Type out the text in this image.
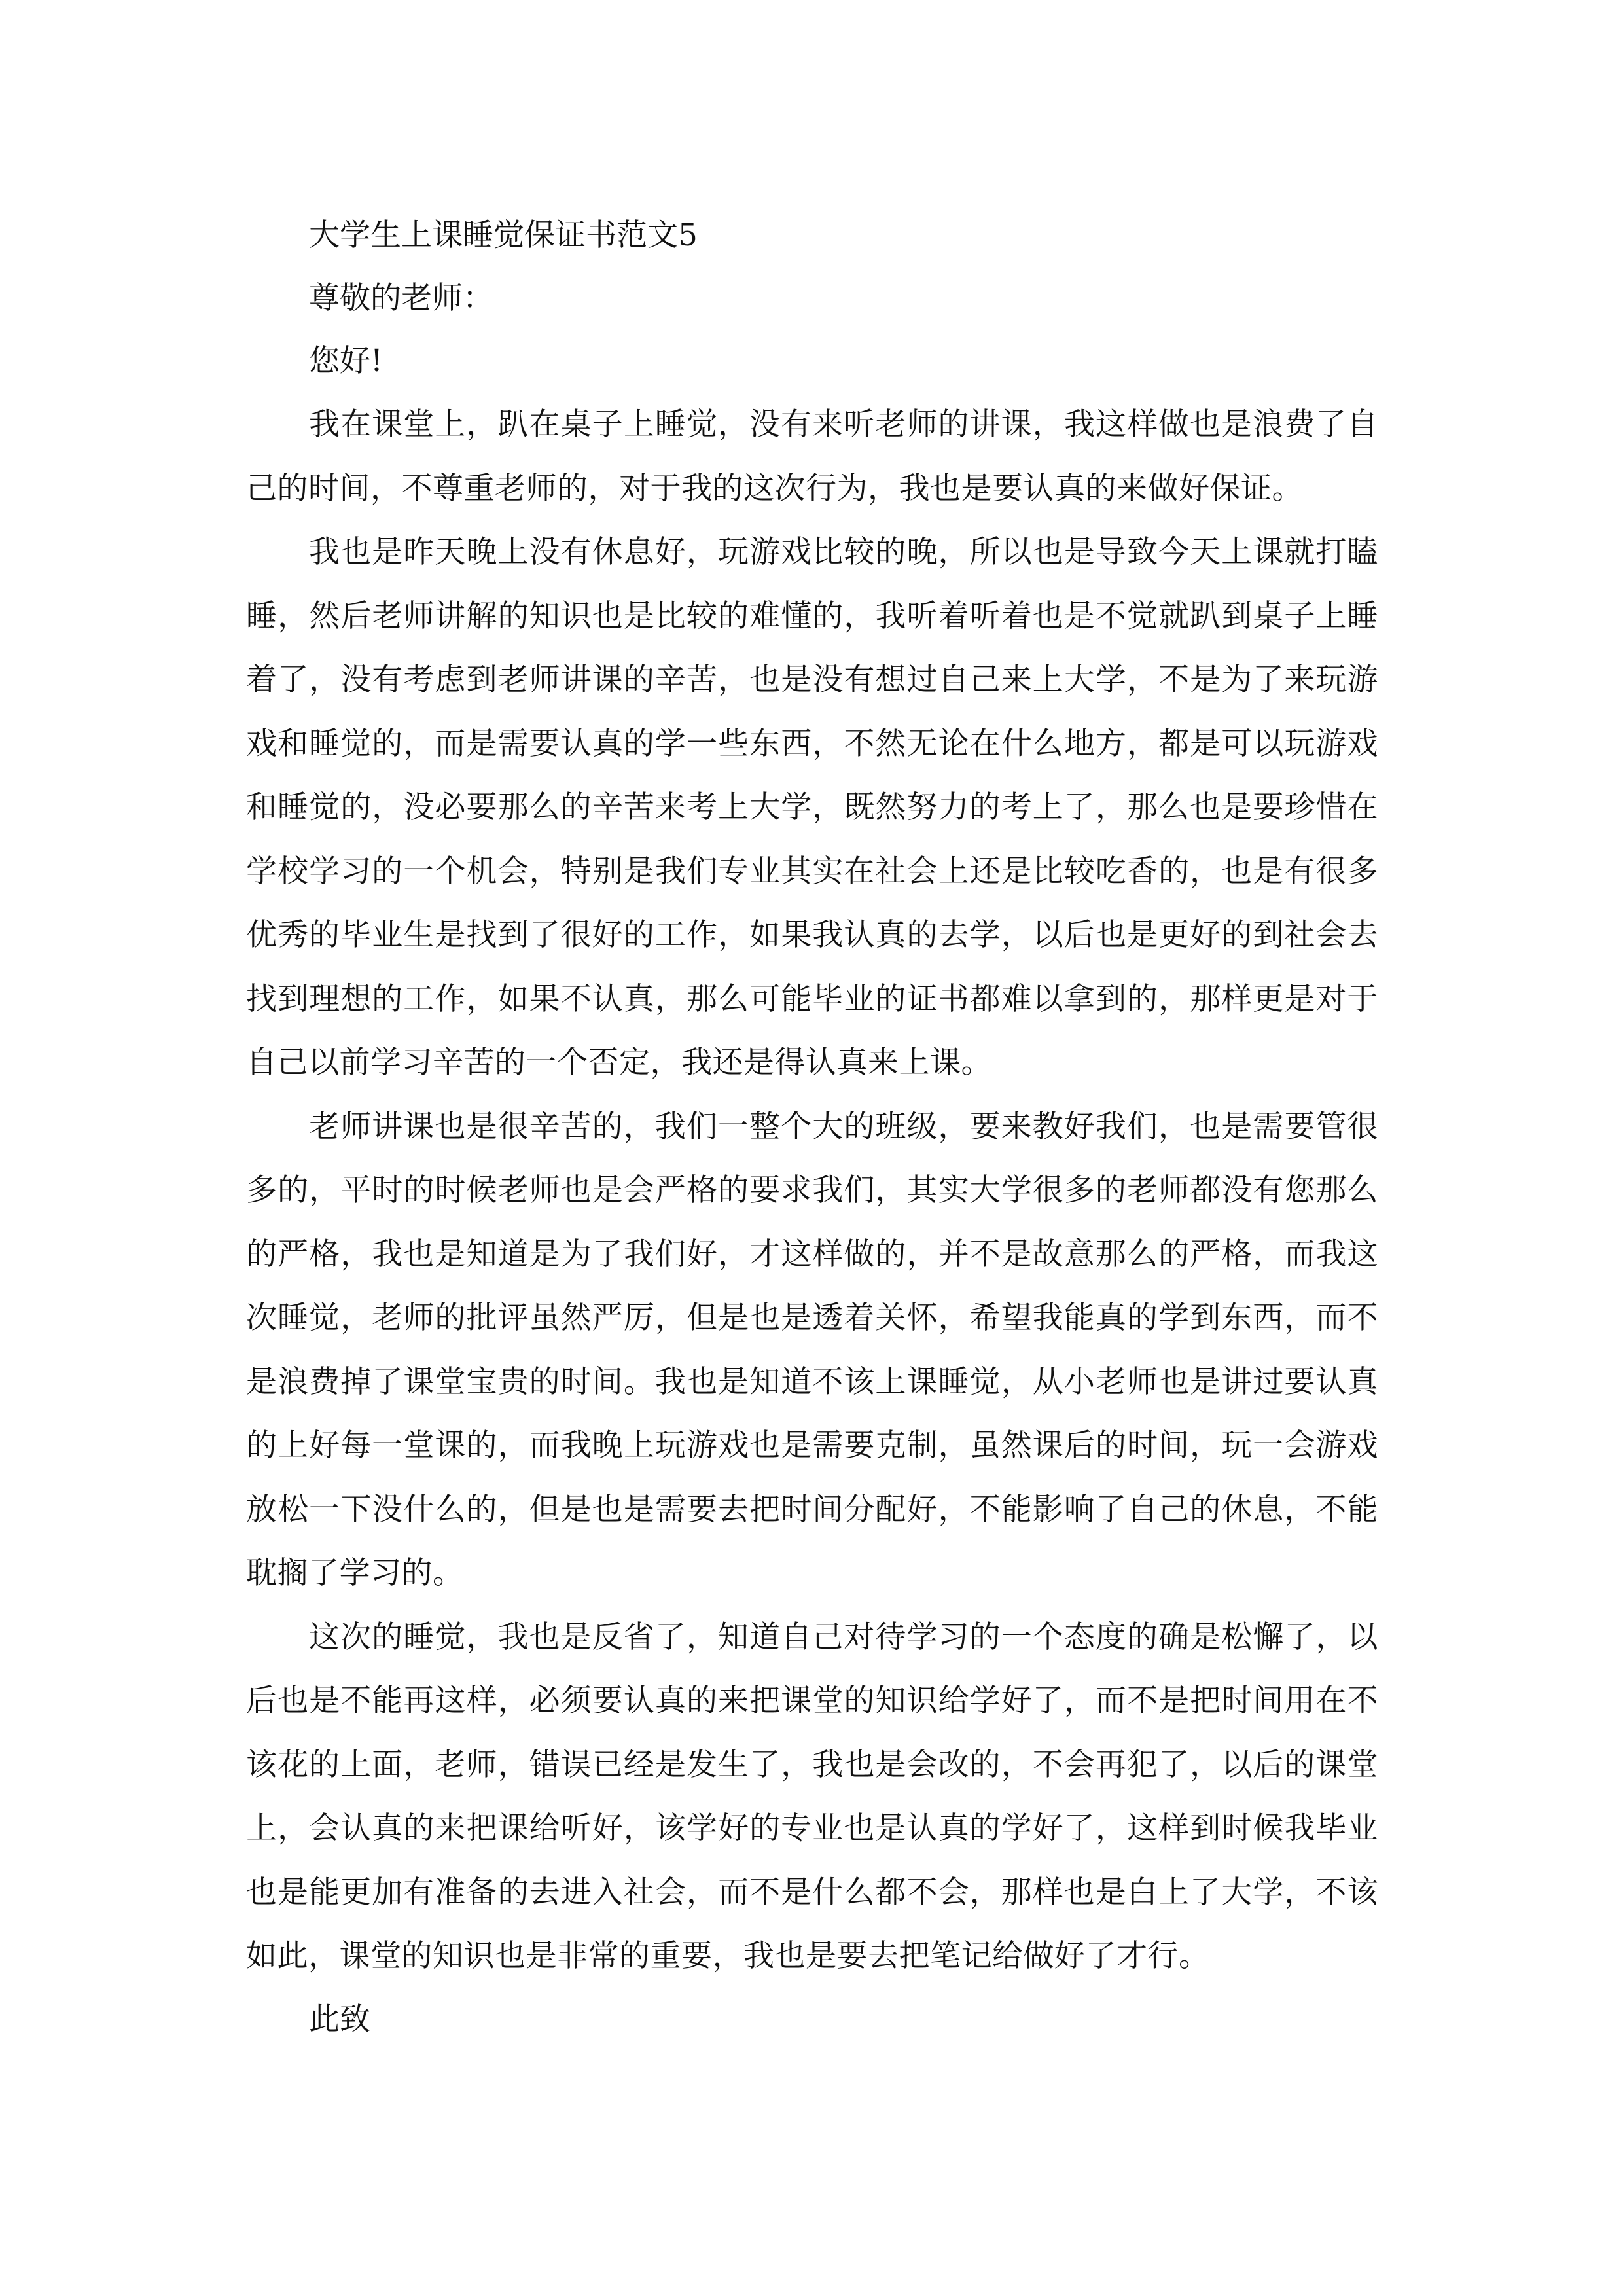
大学生上课睡觉保证书范文5

尊敬的老师：

您好!

我在课堂上，趴在桌子上睡觉，没有来听老师的讲课，我这样做也是浪费了自己的时间，不尊重老师的，对于我的这次行为，我也是要认真的来做好保证。

我也是昨天晚上没有休息好，玩游戏比较的晚，所以也是导致今天上课就打瞌睡，然后老师讲解的知识也是比较的难懂的，我听着听着也是不觉就趴到桌子上睡着了，没有考虑到老师讲课的辛苦，也是没有想过自己来上大学，不是为了来玩游戏和睡觉的，而是需要认真的学一些东西，不然无论在什么地方，都是可以玩游戏和睡觉的，没必要那么的辛苦来考上大学，既然努力的考上了，那么也是要珍惜在学校学习的一个机会，特别是我们专业其实在社会上还是比较吃香的，也是有很多优秀的毕业生是找到了很好的工作，如果我认真的去学，以后也是更好的到社会去找到理想的工作，如果不认真，那么可能毕业的证书都难以拿到的，那样更是对于自己以前学习辛苦的一个否定，我还是得认真来上课。

老师讲课也是很辛苦的，我们一整个大的班级，要来教好我们，也是需要管很多的，平时的时候老师也是会严格的要求我们，其实大学很多的老师都没有您那么的严格，我也是知道是为了我们好，才这样做的，并不是故意那么的严格，而我这次睡觉，老师的批评虽然严厉，但是也是透着关怀，希望我能真的学到东西，而不是浪费掉了课堂宝贵的时间。我也是知道不该上课睡觉，从小老师也是讲过要认真的上好每一堂课的，而我晚上玩游戏也是需要克制，虽然课后的时间，玩一会游戏放松一下没什么的，但是也是需要去把时间分配好，不能影响了自己的休息，不能耽搁了学习的。

这次的睡觉，我也是反省了，知道自己对待学习的一个态度的确是松懈了，以后也是不能再这样，必须要认真的来把课堂的知识给学好了，而不是把时间用在不该花的上面，老师，错误已经是发生了，我也是会改的，不会再犯了，以后的课堂上，会认真的来把课给听好，该学好的专业也是认真的学好了，这样到时候我毕业也是能更加有准备的去进入社会，而不是什么都不会，那样也是白上了大学，不该如此，课堂的知识也是非常的重要，我也是要去把笔记给做好了才行。

此致
